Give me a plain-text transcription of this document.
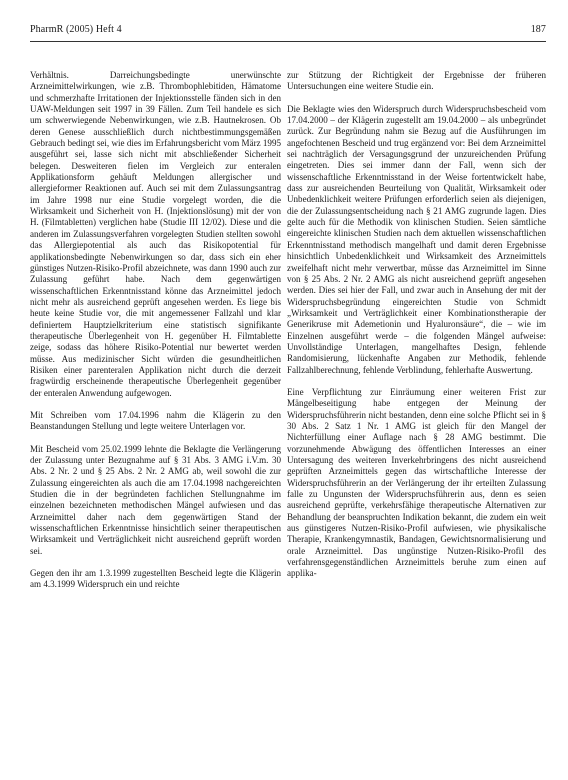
PharmR (2005) Heft 4	187

Verhältnis. Darreichungsbedingte unerwünschte Arzneimittelwirkungen, wie z.B. Thrombophlebitiden, Hämatome und schmerzhafte Irritationen der Injektionsstelle fänden sich in den UAW-Meldungen seit 1997 in 39 Fällen. Zum Teil handele es sich um schwerwiegende Nebenwirkungen, wie z.B. Hautnekrosen. Ob deren Genese ausschließlich durch nichtbestimmungsgemäßen Gebrauch bedingt sei, wie dies im Erfahrungsbericht vom März 1995 ausgeführt sei, lasse sich nicht mit abschließender Sicherheit belegen. Desweiteren fielen im Vergleich zur enteralen Applikationsform gehäuft Meldungen allergischer und allergieformer Reaktionen auf. Auch sei mit dem Zulassungsantrag im Jahre 1998 nur eine Studie vorgelegt worden, die die Wirksamkeit und Sicherheit von H. (Injektionslösung) mit der von H. (Filmtabletten) verglichen habe (Studie III 12/02). Diese und die anderen im Zulassungsverfahren vorgelegten Studien stellten sowohl das Allergiepotential als auch das Risikopotential für applikationsbedingte Nebenwirkungen so dar, dass sich ein eher günstiges Nutzen-Risiko-Profil abzeichnete, was dann 1990 auch zur Zulassung geführt habe. Nach dem gegenwärtigen wissenschaftlichen Erkenntnisstand könne das Arzneimittel jedoch nicht mehr als ausreichend geprüft angesehen werden. Es liege bis heute keine Studie vor, die mit angemessener Fallzahl und klar definiertem Hauptzielkriterium eine statistisch signifikante therapeutische Überlegenheit von H. gegenüber H. Filmtablette zeige, sodass das höhere Risiko-Potential nur bewertet werden müsse. Aus medizinischer Sicht würden die gesundheitlichen Risiken einer parenteralen Applikation nicht durch die derzeit fragwürdig erscheinende therapeutische Überlegenheit gegenüber der enteralen Anwendung aufgewogen.

Mit Schreiben vom 17.04.1996 nahm die Klägerin zu den Beanstandungen Stellung und legte weitere Unterlagen vor.

Mit Bescheid vom 25.02.1999 lehnte die Beklagte die Verlängerung der Zulassung unter Bezugnahme auf § 31 Abs. 3 AMG i.V.m. 30 Abs. 2 Nr. 2 und § 25 Abs. 2 Nr. 2 AMG ab, weil sowohl die zur Zulassung eingereichten als auch die am 17.04.1998 nachgereichten Studien die in der begründeten fachlichen Stellungnahme im einzelnen bezeichneten methodischen Mängel aufwiesen und das Arzneimittel daher nach dem gegenwärtigen Stand der wissenschaftlichen Erkenntnisse hinsichtlich seiner therapeutischen Wirksamkeit und Verträglichkeit nicht ausreichend geprüft worden sei.

Gegen den ihr am 1.3.1999 zugestellten Bescheid legte die Klägerin am 4.3.1999 Widerspruch ein und reichte

zur Stützung der Richtigkeit der Ergebnisse der früheren Untersuchungen eine weitere Studie ein.

Die Beklagte wies den Widerspruch durch Widerspruchsbescheid vom 17.04.2000 – der Klägerin zugestellt am 19.04.2000 – als unbegründet zurück. Zur Begründung nahm sie Bezug auf die Ausführungen im angefochtenen Bescheid und trug ergänzend vor: Bei dem Arzneimittel sei nachträglich der Versagungsgrund der unzureichenden Prüfung eingetreten. Dies sei immer dann der Fall, wenn sich der wissenschaftliche Erkenntnisstand in der Weise fortentwickelt habe, dass zur ausreichenden Beurteilung von Qualität, Wirksamkeit oder Unbedenklichkeit weitere Prüfungen erforderlich seien als diejenigen, die der Zulassungsentscheidung nach § 21 AMG zugrunde lagen. Dies gelte auch für die Methodik von klinischen Studien. Seien sämtliche eingereichte klinischen Studien nach dem aktuellen wissenschaftlichen Erkenntnisstand methodisch mangelhaft und damit deren Ergebnisse hinsichtlich Unbedenklichkeit und Wirksamkeit des Arzneimittels zweifelhaft nicht mehr verwertbar, müsse das Arzneimittel im Sinne von § 25 Abs. 2 Nr. 2 AMG als nicht ausreichend geprüft angesehen werden. Dies sei hier der Fall, und zwar auch in Ansehung der mit der Widerspruchsbegründung eingereichten Studie von Schmidt „Wirksamkeit und Verträglichkeit einer Kombinationstherapie der Generikruse mit Ademetionin und Hyaluronsäure“, die – wie im Einzelnen ausgeführt werde – die folgenden Mängel aufweise: Unvollständige Unterlagen, mangelhaftes Design, fehlende Randomisierung, lückenhafte Angaben zur Methodik, fehlende Fallzahlberechnung, fehlende Verblindung, fehlerhafte Auswertung.

Eine Verpflichtung zur Einräumung einer weiteren Frist zur Mängelbeseitigung habe entgegen der Meinung der Widerspruchsführerin nicht bestanden, denn eine solche Pflicht sei in § 30 Abs. 2 Satz 1 Nr. 1 AMG ist gleich für den Mangel der Nichterfüllung einer Auflage nach § 28 AMG bestimmt. Die vorzunehmende Abwägung des öffentlichen Interesses an einer Untersagung des weiteren Inverkehrbringens des nicht ausreichend geprüften Arzneimittels gegen das wirtschaftliche Interesse der Widerspruchsführerin an der Verlängerung der ihr erteilten Zulassung falle zu Ungunsten der Widerspruchsführerin aus, denn es seien ausreichend geprüfte, verkehrsfähige therapeutische Alternativen zur Behandlung der beanspruchten Indikation bekannt, die zudem ein weit aus günstigeres Nutzen-Risiko-Profil aufwiesen, wie physikalische Therapie, Krankengymnastik, Bandagen, Gewichtsnormalisierung und orale Arzneimittel. Das ungünstige Nutzen-Risiko-Profil des verfahrensgegenständlichen Arzneimittels beruhe zum einen auf applika-
